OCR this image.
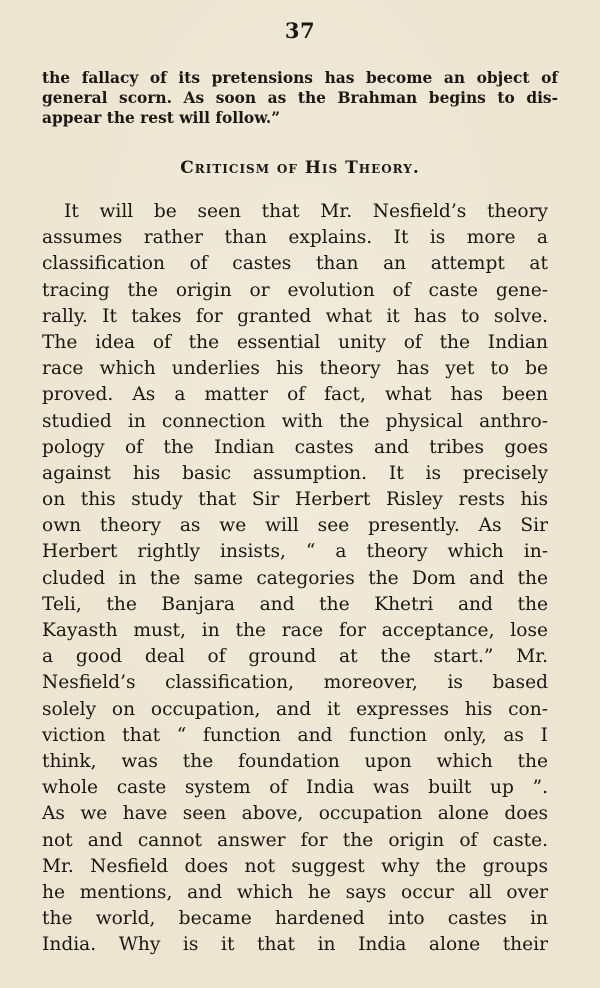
37
the fallacy of its pretensions has become an object of
general scorn. As soon as the Brahman begins to dis-
appear the rest will follow.”
Criticism of His Theory.
It will be seen that Mr. Nesfield’s theory
assumes rather than explains. It is more a
classification of castes than an attempt at
tracing the origin or evolution of caste gene-
rally. It takes for granted what it has to solve.
The idea of the essential unity of the Indian
race which underlies his theory has yet to be
proved. As a matter of fact, what has been
studied in connection with the physical anthro-
pology of the Indian castes and tribes goes
against his basic assumption. It is precisely
on this study that Sir Herbert Risley rests his
own theory as we will see presently. As Sir
Herbert rightly insists, “ a theory which in-
cluded in the same categories the Dom and the
Teli, the Banjara and the Khetri and the
Kayasth must, in the race for acceptance, lose
a good deal of ground at the start.” Mr.
Nesfield’s classification, moreover, is based
solely on occupation, and it expresses his con-
viction that “ function and function only, as I
think, was the foundation upon which the
whole caste system of India was built up ”.
As we have seen above, occupation alone does
not and cannot answer for the origin of caste.
Mr. Nesfield does not suggest why the groups
he mentions, and which he says occur all over
the world, became hardened into castes in
India. Why is it that in India alone their
